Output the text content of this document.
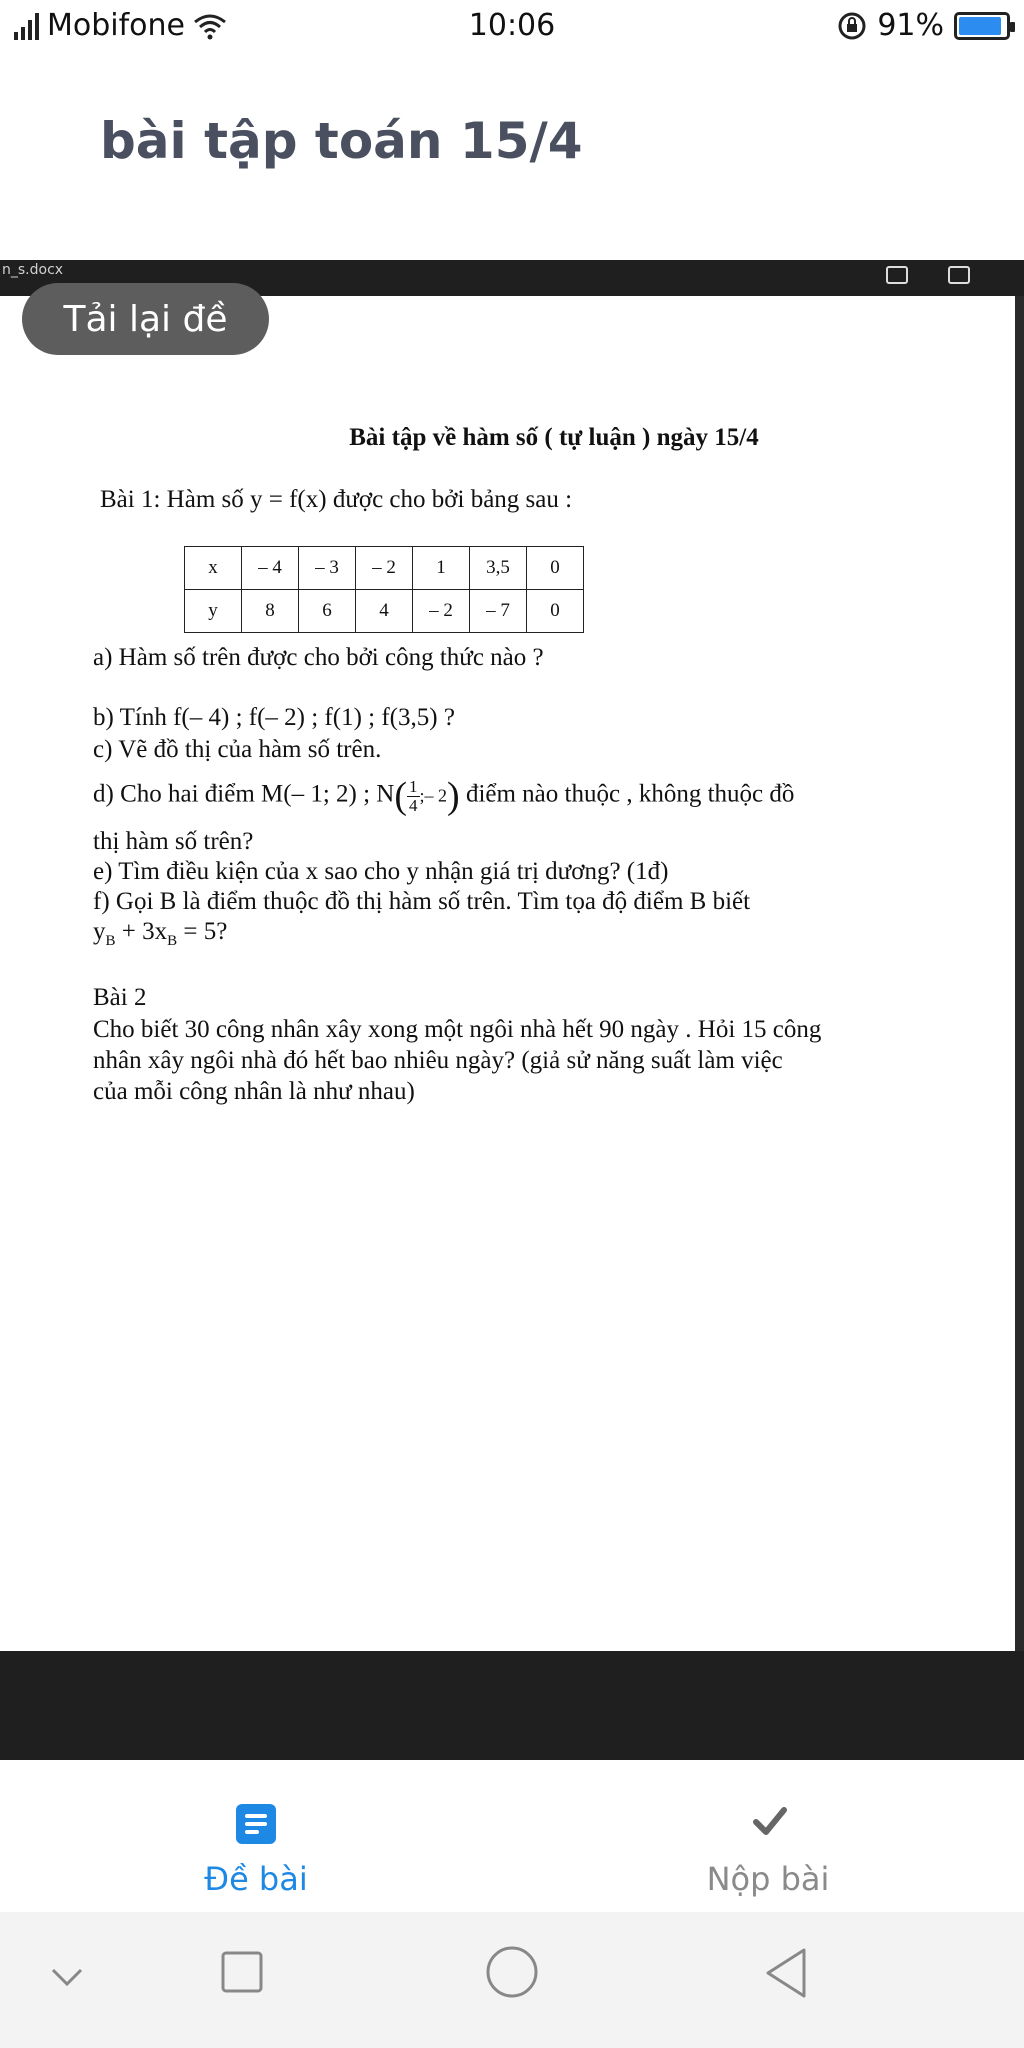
Mobifone	10:06	91%
bài tập toán 15/4
n_s.docx

Bài tập về hàm số ( tự luận ) ngày 15/4

Bài 1: Hàm số y = f(x) được cho bởi bảng sau :

x	– 4	– 3	– 2	1	3,5	0
y	8	6	4	– 2	– 7	0

a) Hàm số trên được cho bởi công thức nào ?

b) Tính f(– 4) ; f(– 2) ; f(1) ; f(3,5) ?

c) Vẽ đồ thị của hàm số trên.

d) Cho hai điểm M(– 1; 2) ; $N( \frac{1}{4};-$ 2) điểm nào thuộc , không thuộc đồ

thị hàm số trên?

e) Tìm điều kiện của x sao cho y nhận giá trị dương? (1đ)

f) Gọi B là điểm thuộc đồ thị hàm số trên. Tìm tọa độ điểm B biết

$y_B + 3x_B = 5$?

Bài 2

Cho biết 30 công nhân xây xong một ngôi nhà hết 90 ngày . Hỏi 15 công

nhân xây ngôi nhà đó hết bao nhiêu ngày? (giả sử năng suất làm việc

của mỗi công nhân là như nhau)

Tải lại đề
Đề bài	Nộp bài
